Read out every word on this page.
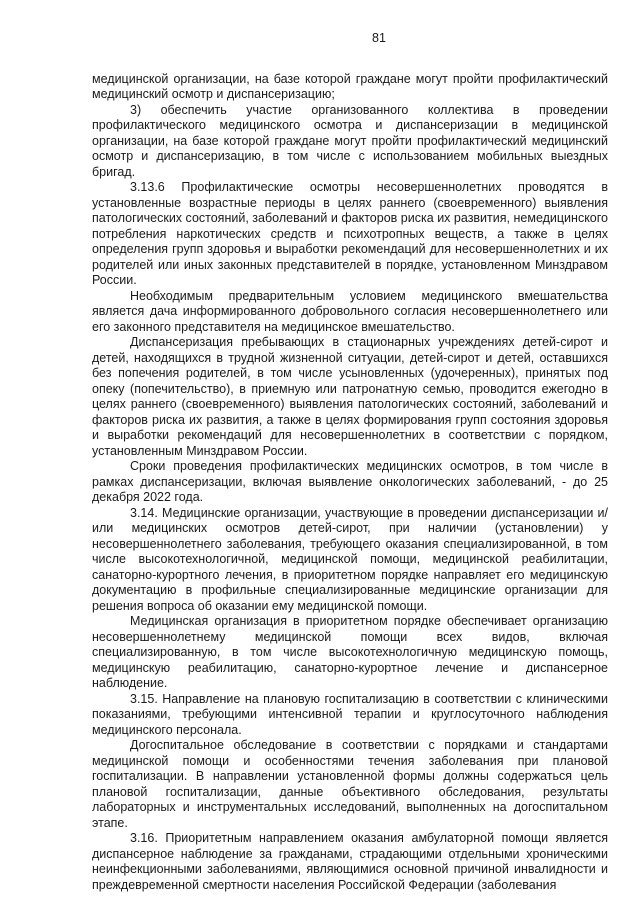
81

медицинской организации, на базе которой граждане могут пройти профилактический медицинский осмотр и диспансеризацию;

3) обеспечить участие организованного коллектива в проведении профилактического медицинского осмотра и диспансеризации в медицинской организации, на базе которой граждане могут пройти профилактический медицинский осмотр и диспансеризацию, в том числе с использованием мобильных выездных бригад.

3.13.6 Профилактические осмотры несовершеннолетних проводятся в установленные возрастные периоды в целях раннего (своевременного) выявления патологических состояний, заболеваний и факторов риска их развития, немедицинского потребления наркотических средств и психотропных веществ, а также в целях определения групп здоровья и выработки рекомендаций для несовершеннолетних и их родителей или иных законных представителей в порядке, установленном Минздравом России.

Необходимым предварительным условием медицинского вмешательства является дача информированного добровольного согласия несовершеннолетнего или его законного представителя на медицинское вмешательство.

Диспансеризация пребывающих в стационарных учреждениях детей-сирот и детей, находящихся в трудной жизненной ситуации, детей-сирот и детей, оставшихся без попечения родителей, в том числе усыновленных (удочеренных), принятых под опеку (попечительство), в приемную или патронатную семью, проводится ежегодно в целях раннего (своевременного) выявления патологических состояний, заболеваний и факторов риска их развития, а также в целях формирования групп состояния здоровья и выработки рекомендаций для несовершеннолетних в соответствии с порядком, установленным Минздравом России.

Сроки проведения профилактических медицинских осмотров, в том числе в рамках диспансеризации, включая выявление онкологических заболеваний, - до 25 декабря 2022 года.

3.14. Медицинские организации, участвующие в проведении диспансеризации и/или медицинских осмотров детей-сирот, при наличии (установлении) у несовершеннолетнего заболевания, требующего оказания специализированной, в том числе высокотехнологичной, медицинской помощи, медицинской реабилитации, санаторно-курортного лечения, в приоритетном порядке направляет его медицинскую документацию в профильные специализированные медицинские организации для решения вопроса об оказании ему медицинской помощи.

Медицинская организация в приоритетном порядке обеспечивает организацию несовершеннолетнему медицинской помощи всех видов, включая специализированную, в том числе высокотехнологичную медицинскую помощь, медицинскую реабилитацию, санаторно-курортное лечение и диспансерное наблюдение.

3.15. Направление на плановую госпитализацию в соответствии с клиническими показаниями, требующими интенсивной терапии и круглосуточного наблюдения медицинского персонала.

Догоспитальное обследование в соответствии с порядками и стандартами медицинской помощи и особенностями течения заболевания при плановой госпитализации. В направлении установленной формы должны содержаться цель плановой госпитализации, данные объективного обследования, результаты лабораторных и инструментальных исследований, выполненных на догоспитальном этапе.

3.16. Приоритетным направлением оказания амбулаторной помощи является диспансерное наблюдение за гражданами, страдающими отдельными хроническими неинфекционными заболеваниями, являющимися основной причиной инвалидности и преждевременной смертности населения Российской Федерации (заболевания
